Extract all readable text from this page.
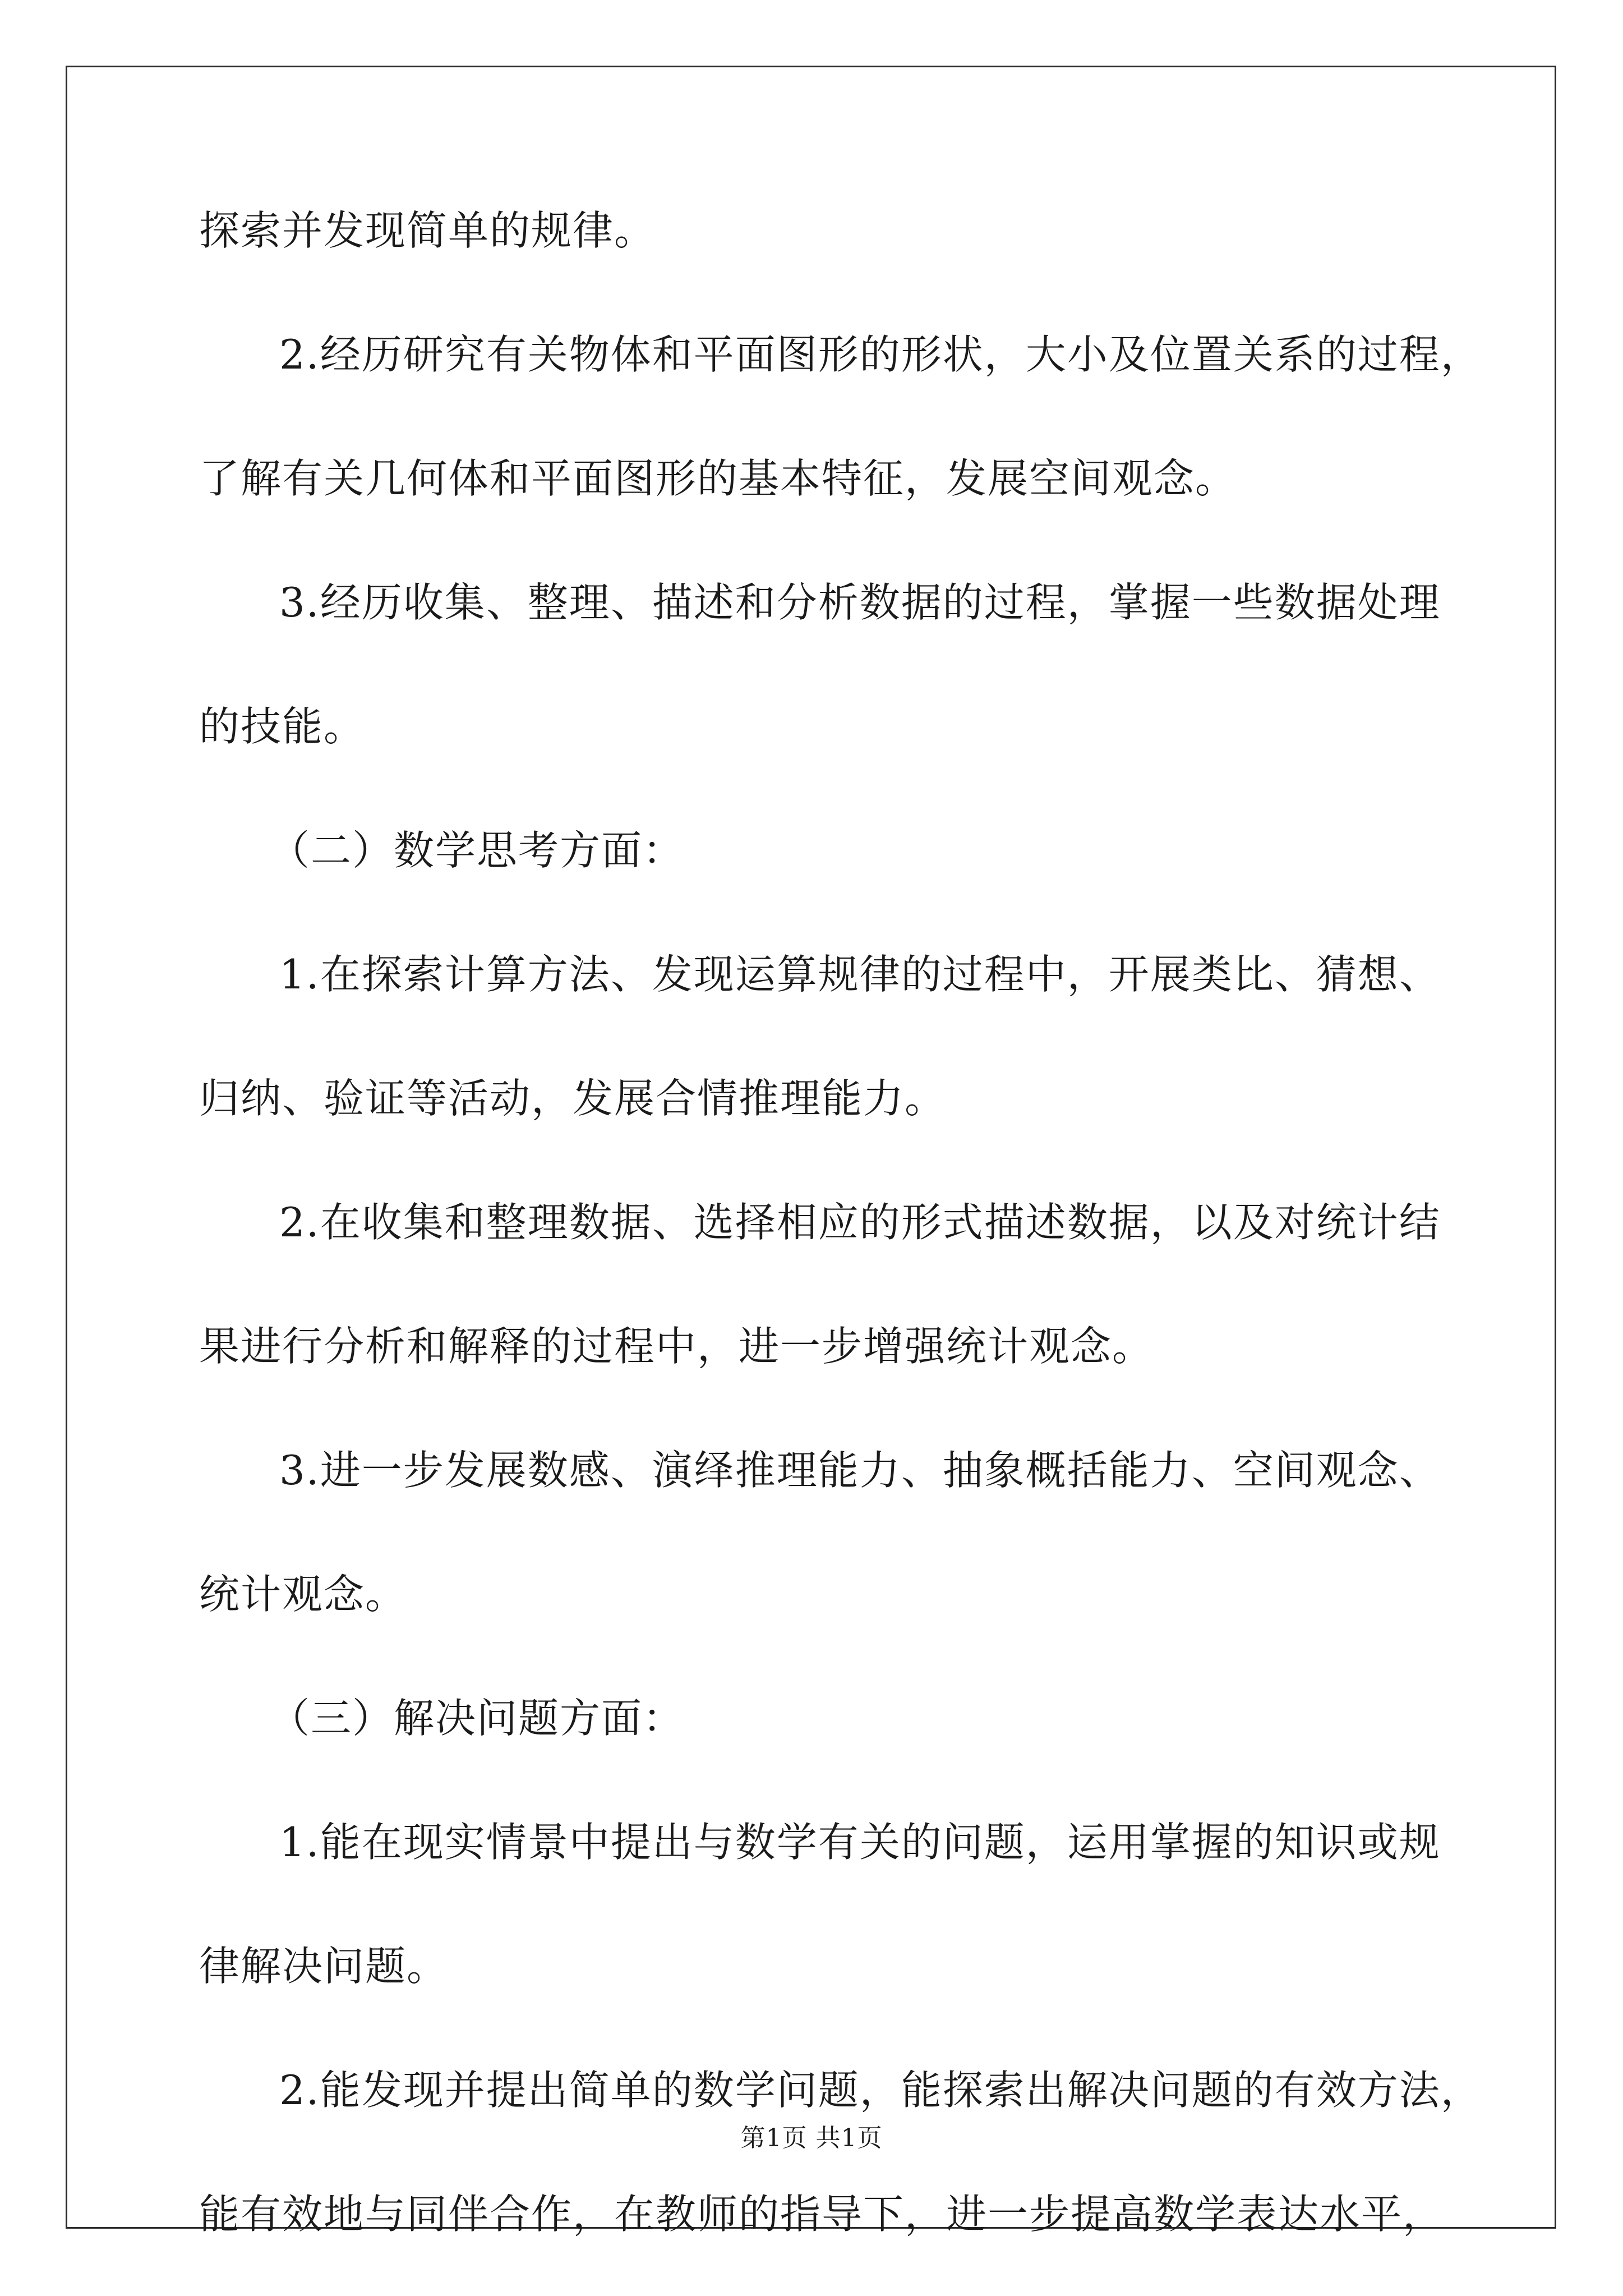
探索并发现简单的规律。
2.经历研究有关物体和平面图形的形状，大小及位置关系的过程，
了解有关几何体和平面图形的基本特征，发展空间观念。
3.经历收集、整理、描述和分析数据的过程，掌握一些数据处理
的技能。
（二）数学思考方面：
1.在探索计算方法、发现运算规律的过程中，开展类比、猜想、
归纳、验证等活动，发展合情推理能力。
2.在收集和整理数据、选择相应的形式描述数据，以及对统计结
果进行分析和解释的过程中，进一步增强统计观念。
3.进一步发展数感、演绎推理能力、抽象概括能力、空间观念、
统计观念。
（三）解决问题方面：
1.能在现实情景中提出与数学有关的问题，运用掌握的知识或规
律解决问题。
2.能发现并提出简单的数学问题，能探索出解决问题的有效方法，
能有效地与同伴合作，在教师的指导下，进一步提高数学表达水平，
第1页 共1页
